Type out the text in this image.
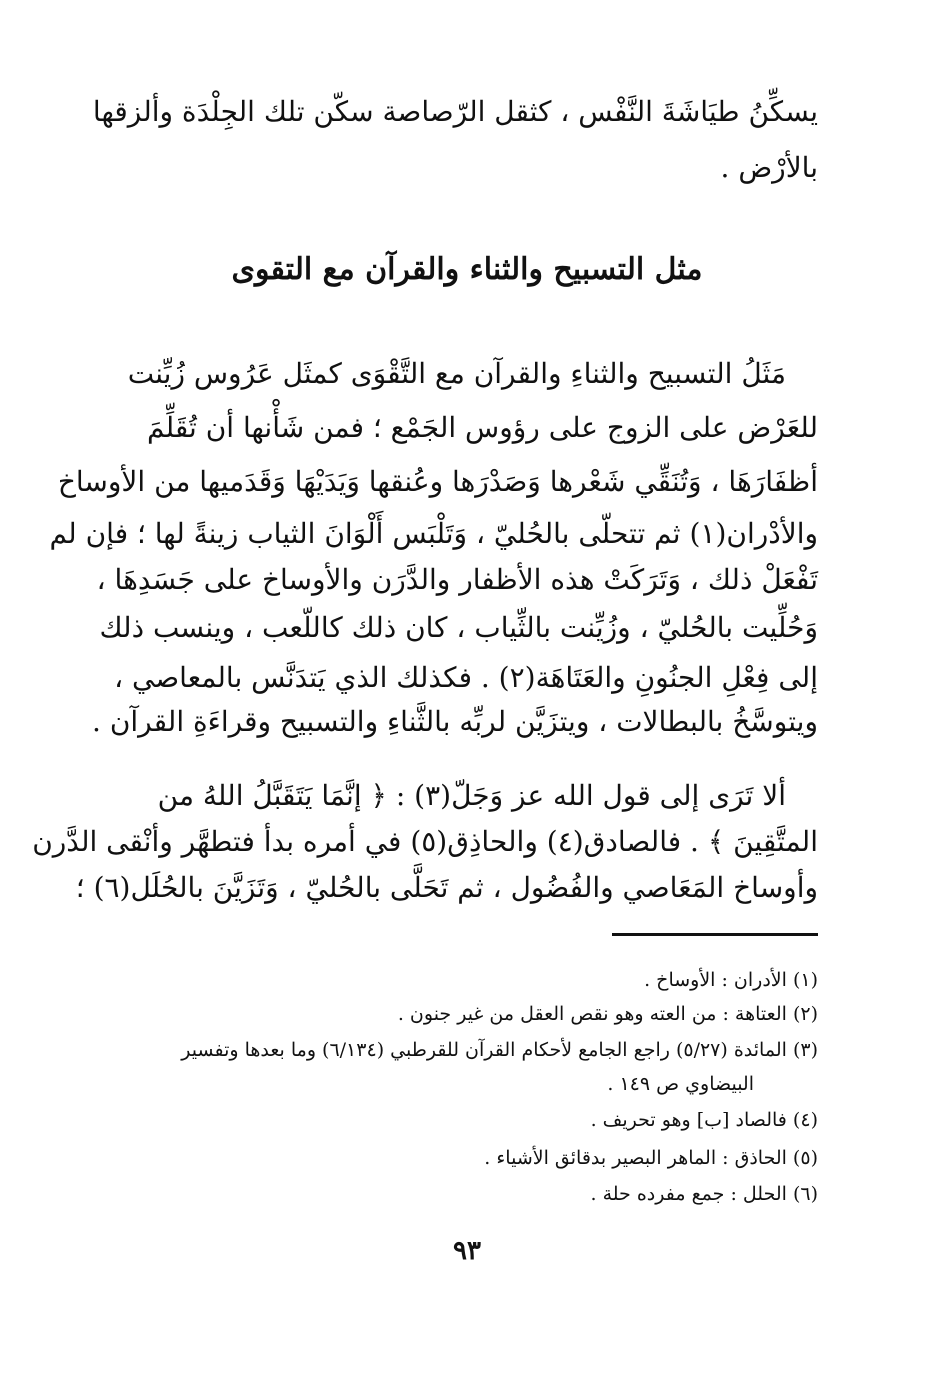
يسكِّنُ طيَاشَةَ النَّفْس ، كثقل الرّصاصة سكّن تلك الجِلْدَة وألزقها

بالأرْض .

مثل التسبيح والثناء والقرآن مع التقوى

مَثَلُ التسبيح والثناءِ والقرآن مع التَّقْوَى كمثَل عَرُوس زُيِّنت

للعَرْض على الزوج على رؤوس الجَمْع ؛ فمن شَأْنها أن تُقَلِّمَ

أظفَارَهَا ، وَتُنَقِّي شَعْرها وَصَدْرَها وعُنقها وَيَدَيْهَا وَقَدَميها من الأوساخ

والأدْران(١) ثم تتحلّى بالحُليّ ، وَتَلْبَس أَلْوَانَ الثياب زينةً لها ؛ فإن لم

تَفْعَلْ ذلك ، وَتَرَكَتْ هذه الأظفار والدَّرَن والأوساخ على جَسَدِهَا ،

وَحُلِّيت بالحُليّ ، وزُيِّنت بالثِّياب ، كان ذلك كاللّعب ، وينسب ذلك

إلى فِعْلِ الجنُونِ والعَتَاهَة(٢) . فكذلك الذي يَتدَنَّس بالمعاصي ،

ويتوسَّخُ بالبطالات ، ويتزَيَّن لربِّه بالثَّناءِ والتسبيح وقراءَةِ القرآن .

ألا تَرَى إلى قول الله عز وَجَلّ(٣) : ﴿ إنَّمَا يَتَقَبَّلُ اللهُ من

المتَّقِينَ ﴾ . فالصادق(٤) والحاذِق(٥) في أمره بدأ فتطهَّر وأنْقى الدَّرن

وأوساخ المَعَاصي والفُضُول ، ثم تَحَلَّى بالحُليّ ، وَتَزَيَّنَ بالحُلَل(٦) ؛

(١) الأدران : الأوساخ .

(٢) العتاهة : من العته وهو نقص العقل من غير جنون .

(٣) المائدة (٥/٢٧) راجع الجامع لأحكام القرآن للقرطبي (٦/١٣٤) وما بعدها وتفسير

البيضاوي ص ١٤٩ .

(٤) فالصاد [ب] وهو تحريف .

(٥) الحاذق : الماهر البصير بدقائق الأشياء .

(٦) الحلل : جمع مفرده حلة .

٩٣
